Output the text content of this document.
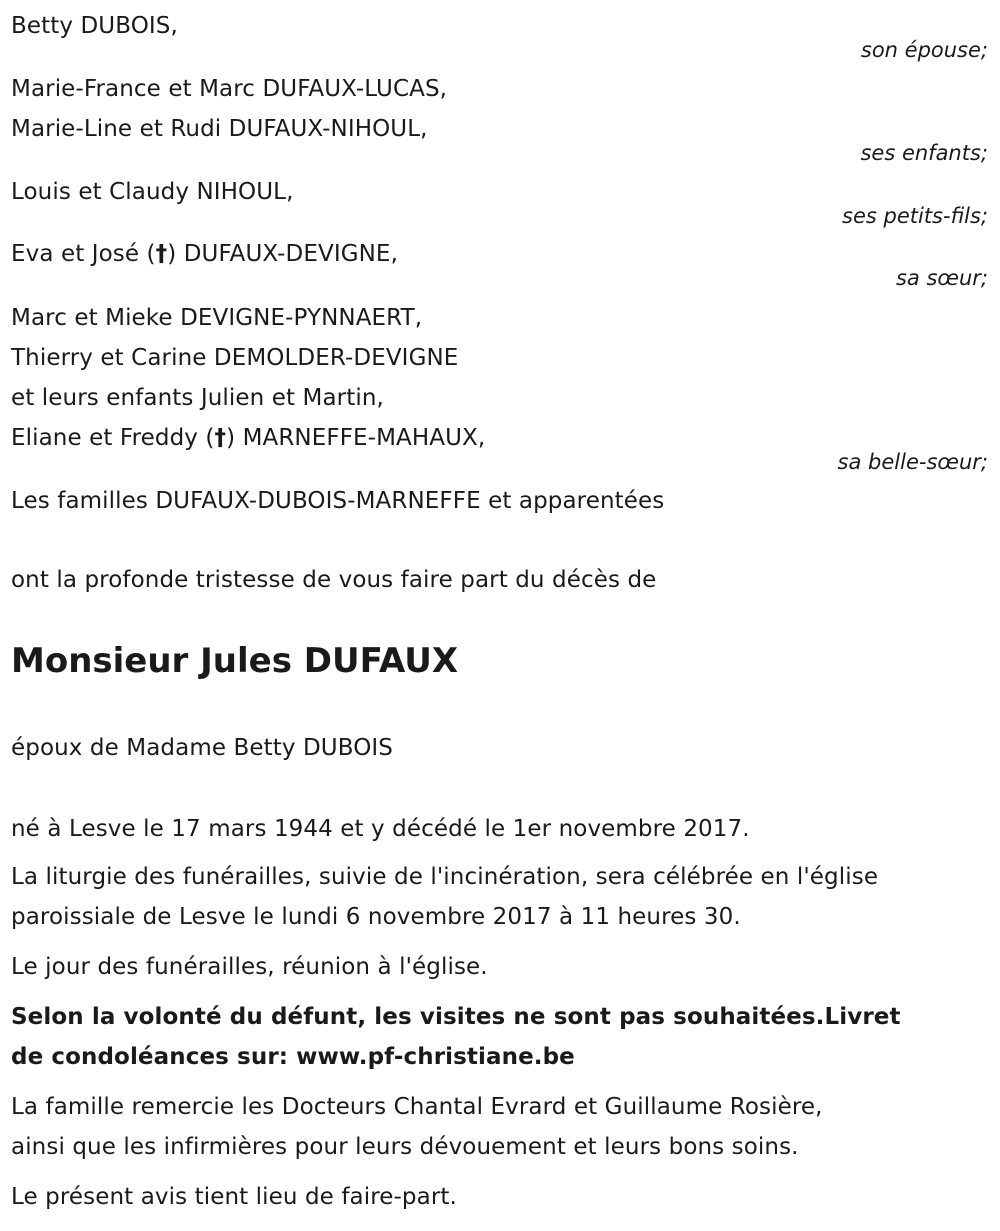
Betty DUBOIS,
son épouse;
Marie-France et Marc DUFAUX-LUCAS,
Marie-Line et Rudi DUFAUX-NIHOUL,
ses enfants;
Louis et Claudy NIHOUL,
ses petits-fils;
Eva et José (†) DUFAUX-DEVIGNE,
sa sœur;
Marc et Mieke DEVIGNE-PYNNAERT,
Thierry et Carine DEMOLDER-DEVIGNE
et leurs enfants Julien et Martin,
Eliane et Freddy (†) MARNEFFE-MAHAUX,
sa belle-sœur;
Les familles DUFAUX-DUBOIS-MARNEFFE et apparentées
ont la profonde tristesse de vous faire part du décès de
Monsieur Jules DUFAUX
époux de Madame Betty DUBOIS
né à Lesve le 17 mars 1944 et y décédé le 1er novembre 2017.
La liturgie des funérailles, suivie de l'incinération, sera célébrée en l'église
paroissiale de Lesve le lundi 6 novembre 2017 à 11 heures 30.
Le jour des funérailles, réunion à l'église.
Selon la volonté du défunt, les visites ne sont pas souhaitées.Livret
de condoléances sur: www.pf-christiane.be
La famille remercie les Docteurs Chantal Evrard et Guillaume Rosière,
ainsi que les infirmières pour leurs dévouement et leurs bons soins.
Le présent avis tient lieu de faire-part.
